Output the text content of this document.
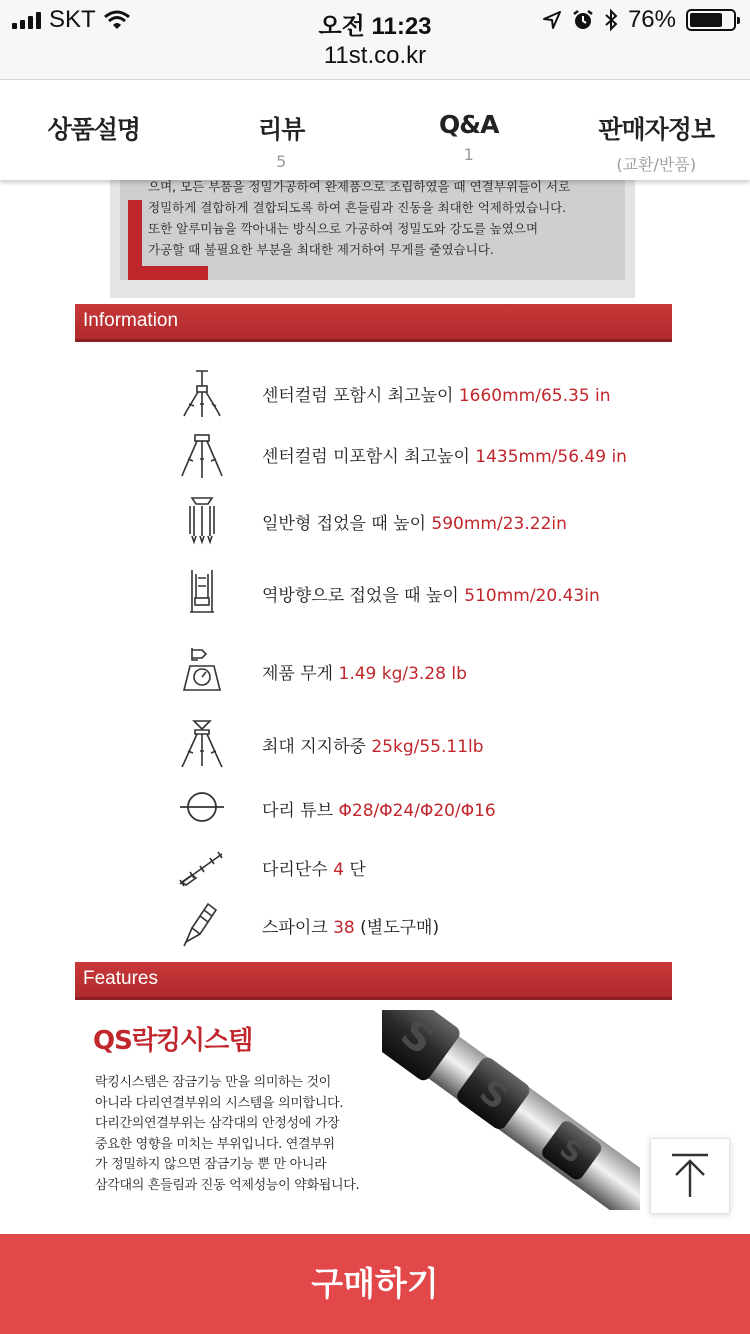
SKT	오전 11:23	76%
11st.co.kr
상품설명	리뷰
5
Q&A
1
판매자정보
(교환/반품)

으며, 모든 부품을 정밀가공하여 완제품으로 조립하였을 때 연결부위들이 서로
정밀하게 결합하게 결합되도록 하여 흔들림과 진동을 최대한 억제하였습니다.
또한 알루미늄을 깍아내는 방식으로 가공하여 정밀도와 강도를 높였으며
가공할 때 불필요한 부분을 최대한 제거하여 무게를 줄였습니다.

Information
센터컬럼 포함시 최고높이 1660mm/65.35 in
센터컬럼 미포함시 최고높이 1435mm/56.49 in
일반형 접었을 때 높이 590mm/23.22in
역방향으로 접었을 때 높이 510mm/20.43in
제품 무게 1.49 kg/3.28 lb
최대 지지하중 25kg/55.11lb
다리 튜브 Φ28/Φ24/Φ20/Φ16
다리단수 4 단
스파이크 38 (별도구매)
Features
QS락킹시스템
락킹시스템은 잠금기능 만을 의미하는 것이
아니라 다리연결부위의 시스템을 의미합니다.
다리간의연결부위는 삼각대의 안정성에 가장
중요한 영향을 미치는 부위입니다. 연결부위
가 정밀하지 않으면 잠금기능 뿐 만 아니라
삼각대의 흔들림과 진동 억제성능이 약화됩니다.
S
S
S
구매하기
